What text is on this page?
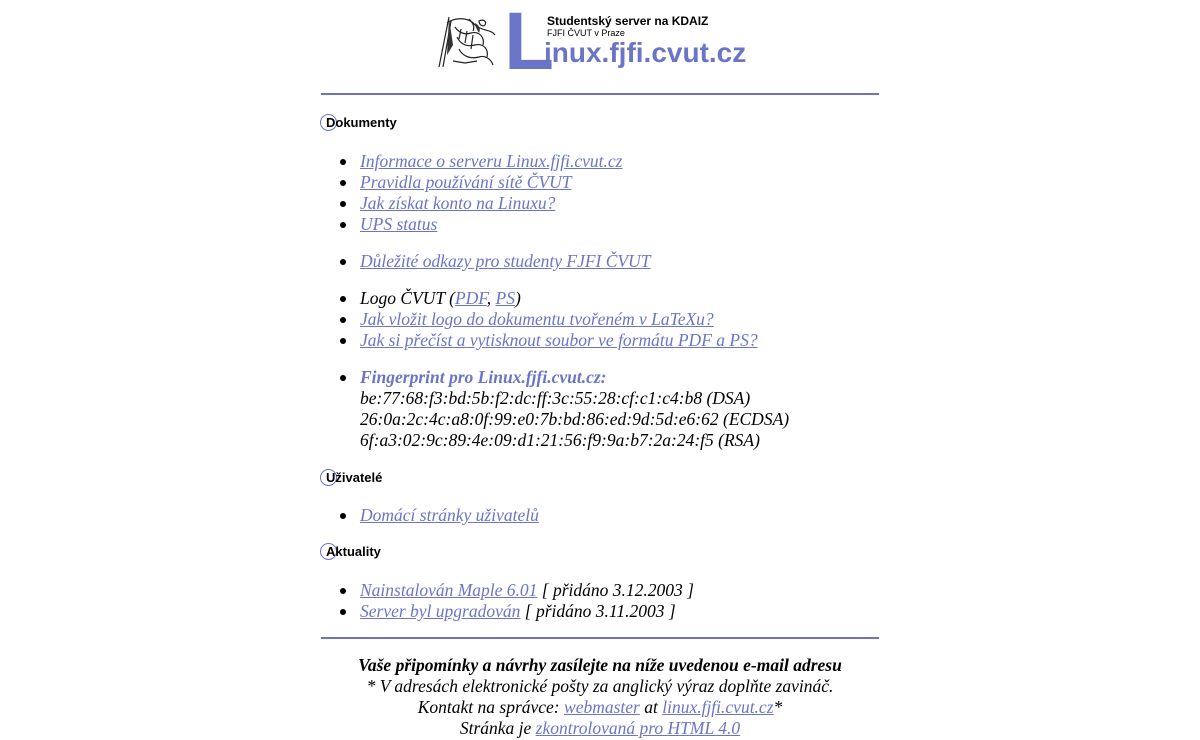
L
Studentský server na KDAIZ
FJFI ČVUT v Praze
inux.fjfi.cvut.cz
Dokumenty
Informace o serveru Linux.fjfi.cvut.cz
Pravidla používání sítě ČVUT
Jak získat konto na Linuxu?
UPS status
Důležité odkazy pro studenty FJFI ČVUT
Logo ČVUT (PDF, PS)
Jak vložit logo do dokumentu tvořeném v LaTeXu?
Jak si přečíst a vytisknout soubor ve formátu PDF a PS?
Fingerprint pro Linux.fjfi.cvut.cz:
be:77:68:f3:bd:5b:f2:dc:ff:3c:55:28:cf:c1:c4:b8 (DSA)
26:0a:2c:4c:a8:0f:99:e0:7b:bd:86:ed:9d:5d:e6:62 (ECDSA)
6f:a3:02:9c:89:4e:09:d1:21:56:f9:9a:b7:2a:24:f5 (RSA)
Uživatelé
Domácí stránky uživatelů
Aktuality
Nainstalován Maple 6.01 [ přidáno 3.12.2003 ]
Server byl upgradován [ přidáno 3.11.2003 ]
Vaše připomínky a návrhy zasílejte na níže uvedenou e-mail adresu
* V adresách elektronické pošty za anglický výraz doplňte zavináč.
Kontakt na správce: webmaster at linux.fjfi.cvut.cz*
Stránka je zkontrolovaná pro HTML 4.0
